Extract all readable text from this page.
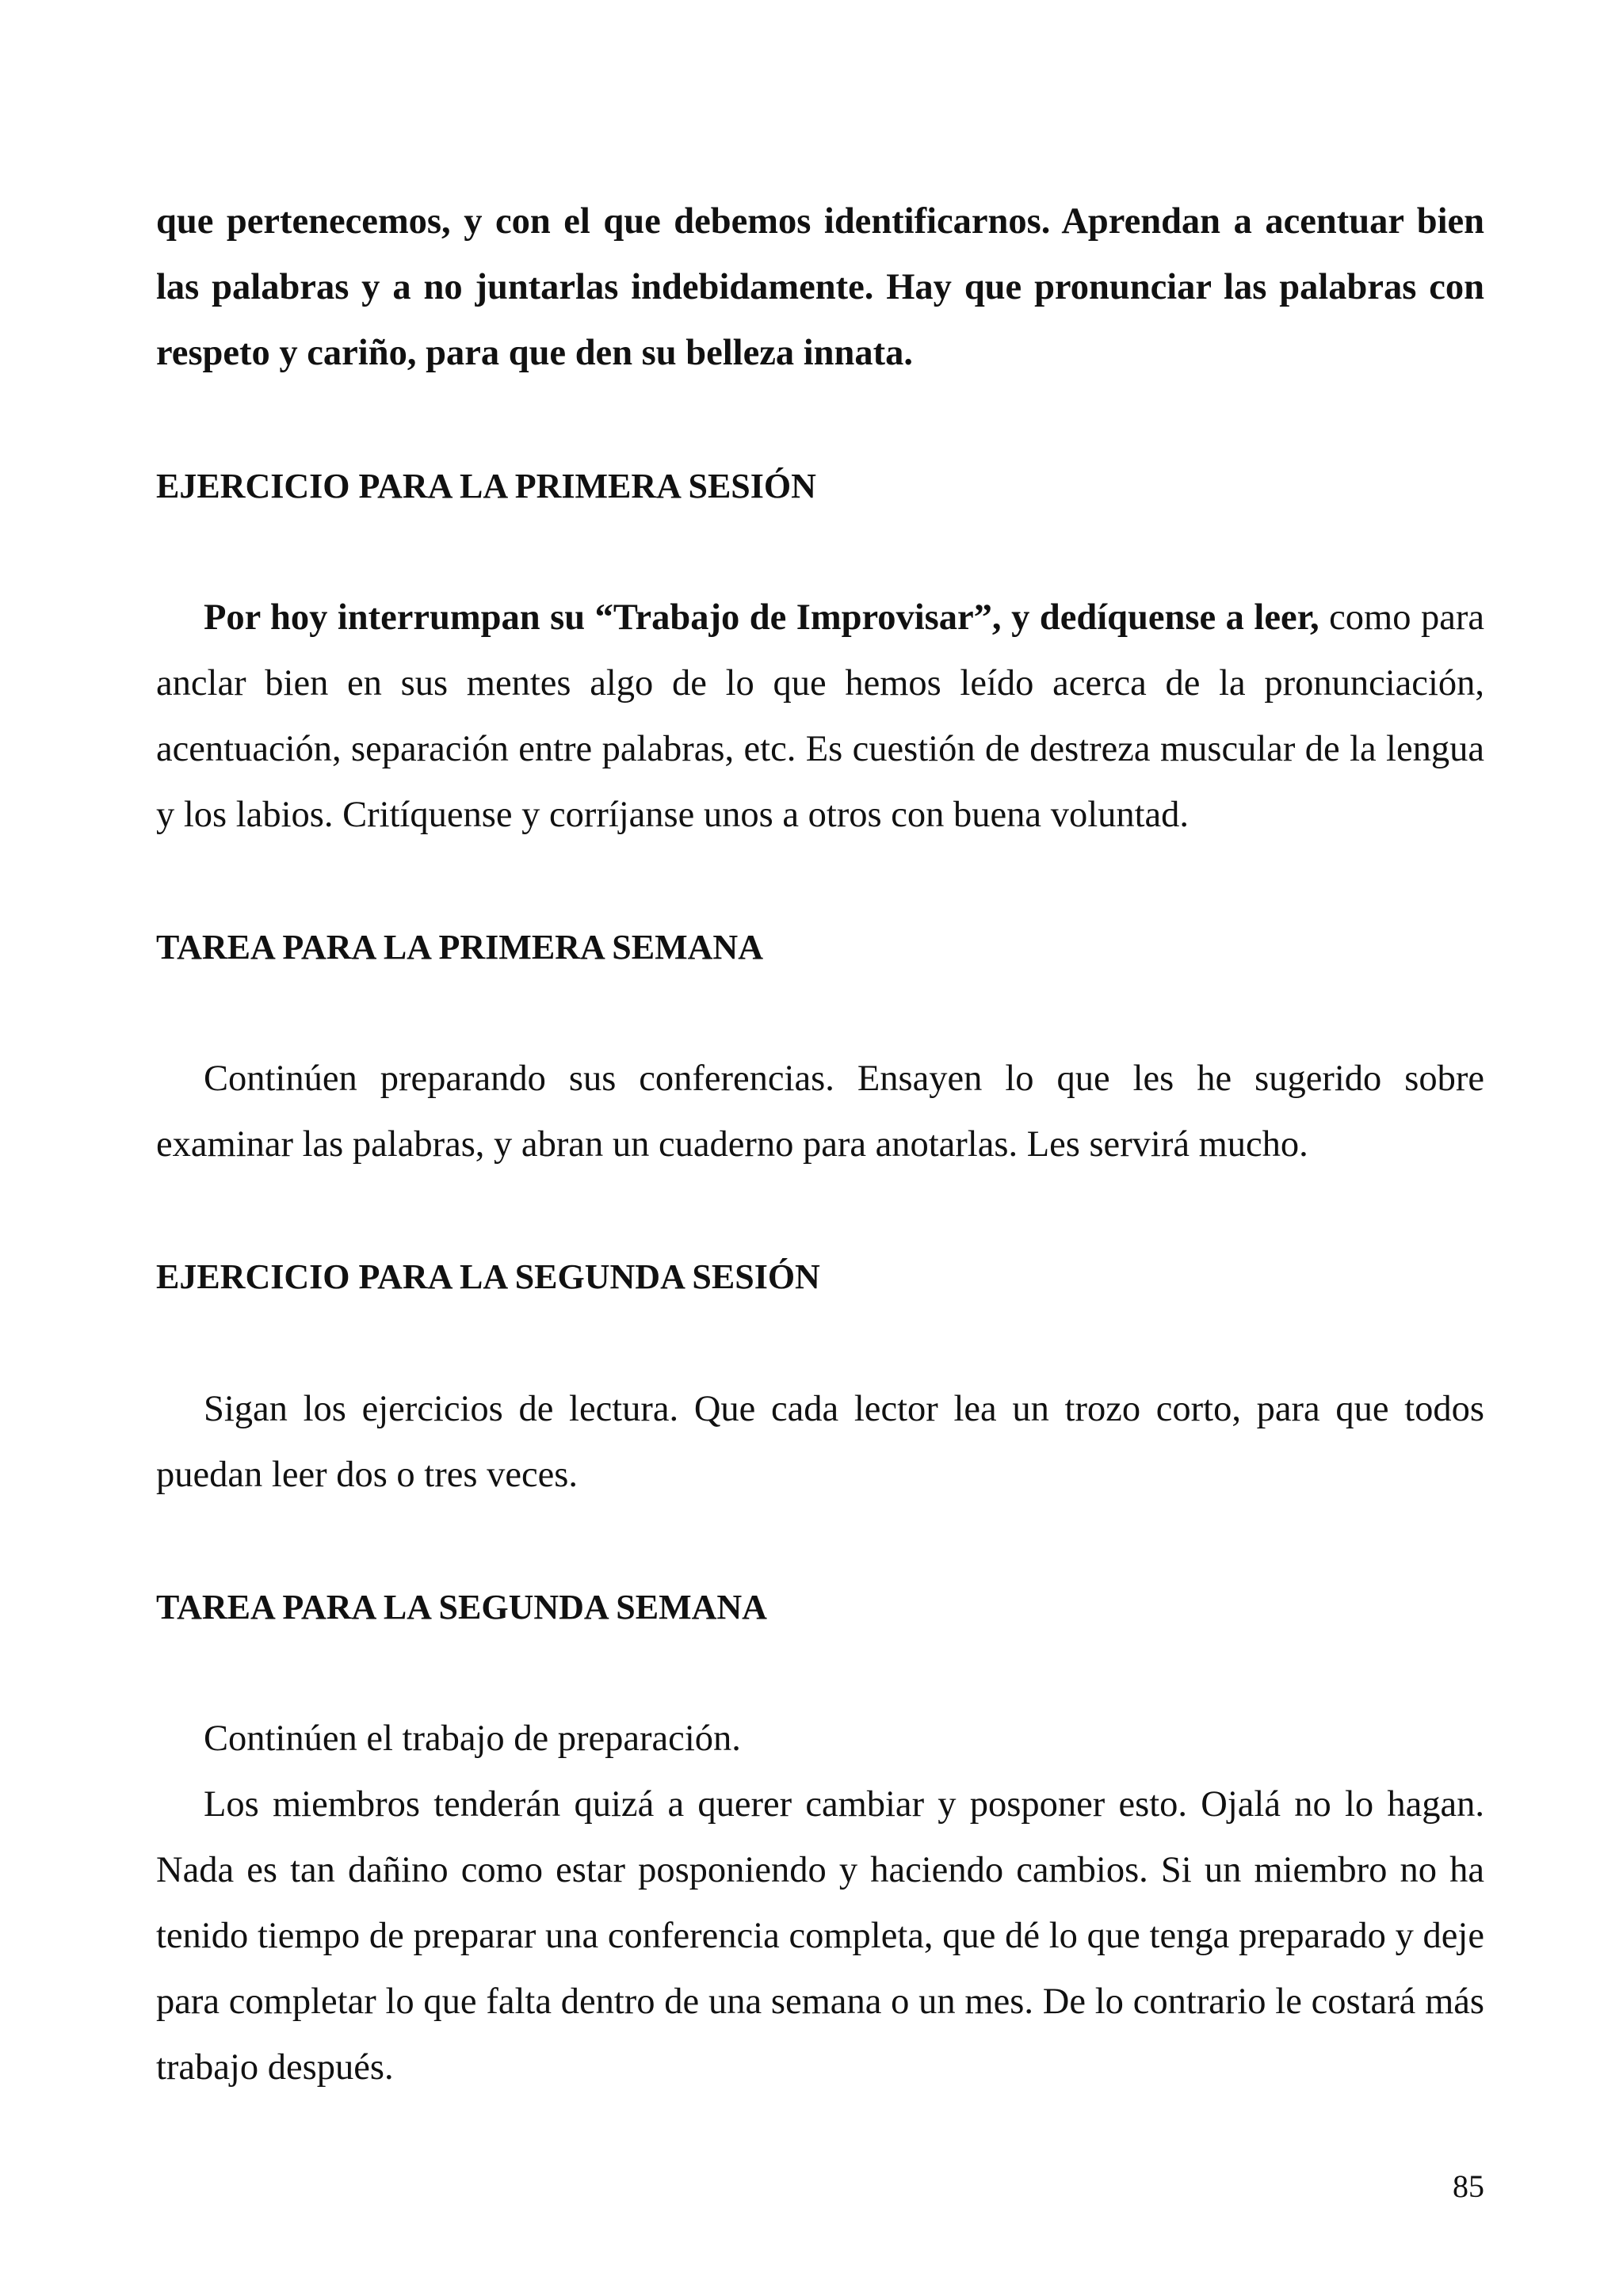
que pertenecemos, y con el que debemos identificarnos. Aprendan a acentuar bien las palabras y a no juntarlas indebidamente. Hay que pronunciar las palabras con respeto y cariño, para que den su belleza innata.

EJERCICIO PARA LA PRIMERA SESIÓN

Por hoy interrumpan su “Trabajo de Improvisar”, y dedíquense a leer, como para anclar bien en sus mentes algo de lo que hemos leído acerca de la pronunciación, acentuación, separación entre palabras, etc. Es cuestión de destreza muscular de la lengua y los labios. Critíquense y corríjanse unos a otros con buena voluntad.

TAREA PARA LA PRIMERA SEMANA

Continúen preparando sus conferencias. Ensayen lo que les he sugerido sobre examinar las palabras, y abran un cuaderno para anotarlas. Les servirá mucho.

EJERCICIO PARA LA SEGUNDA SESIÓN

Sigan los ejercicios de lectura. Que cada lector lea un trozo corto, para que todos puedan leer dos o tres veces.

TAREA PARA LA SEGUNDA SEMANA

Continúen el trabajo de preparación.

Los miembros tenderán quizá a querer cambiar y posponer esto. Ojalá no lo hagan. Nada es tan dañino como estar posponiendo y haciendo cambios. Si un miembro no ha tenido tiempo de preparar una conferencia completa, que dé lo que tenga preparado y deje para completar lo que falta dentro de una semana o un mes. De lo contrario le costará más trabajo después.

85
